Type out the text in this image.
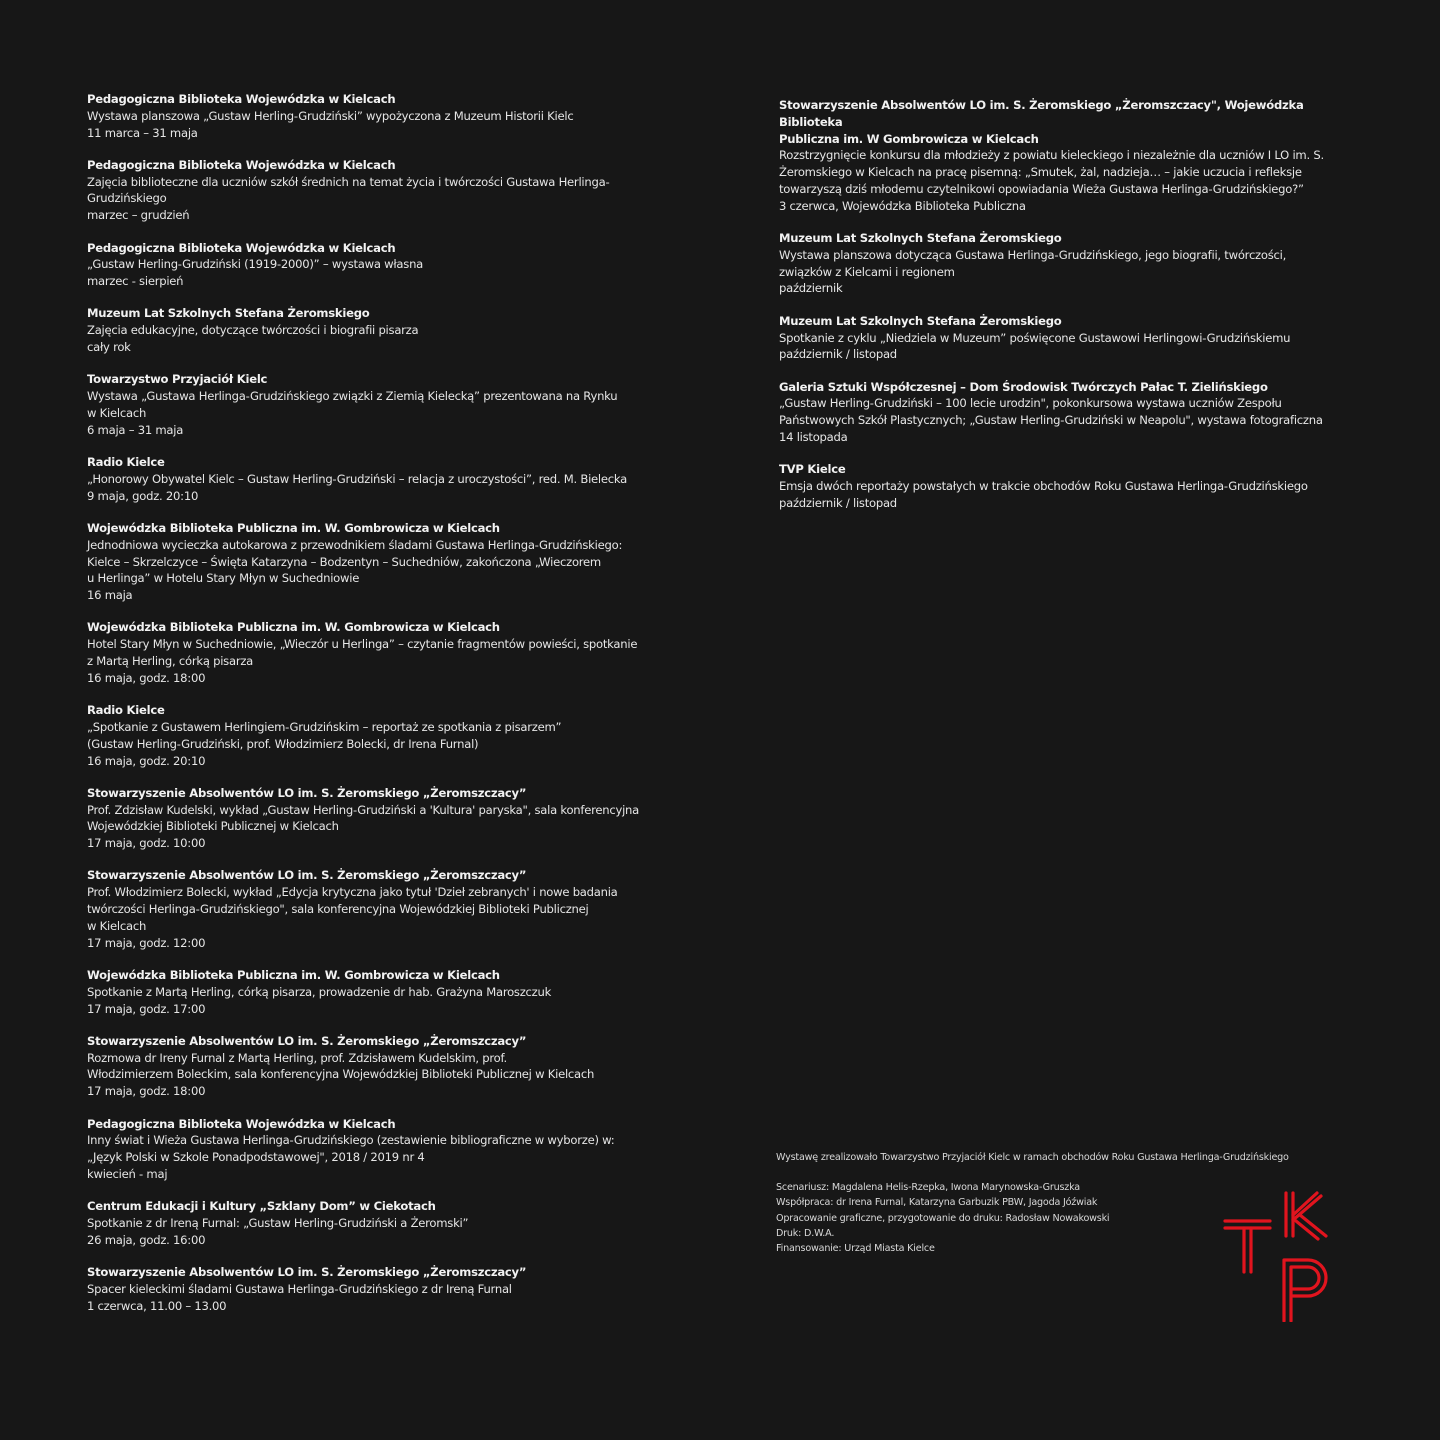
Pedagogiczna Biblioteka Wojewódzka w Kielcach

Wystawa planszowa „Gustaw Herling-Grudziński” wypożyczona z Muzeum Historii Kielc

11 marca – 31 maja

Pedagogiczna Biblioteka Wojewódzka w Kielcach

Zajęcia biblioteczne dla uczniów szkół średnich na temat życia i twórczości Gustawa Herlinga-

Grudzińskiego

marzec – grudzień

Pedagogiczna Biblioteka Wojewódzka w Kielcach

„Gustaw Herling-Grudziński (1919-2000)” – wystawa własna

marzec - sierpień

Muzeum Lat Szkolnych Stefana Żeromskiego

Zajęcia edukacyjne, dotyczące twórczości i biografii pisarza

cały rok

Towarzystwo Przyjaciół Kielc

Wystawa „Gustawa Herlinga-Grudzińskiego związki z Ziemią Kielecką” prezentowana na Rynku

w Kielcach

6 maja – 31 maja

Radio Kielce

„Honorowy Obywatel Kielc – Gustaw Herling-Grudziński – relacja z uroczystości”, red. M. Bielecka

9 maja, godz. 20:10

Wojewódzka Biblioteka Publiczna im. W. Gombrowicza w Kielcach

Jednodniowa wycieczka autokarowa z przewodnikiem śladami Gustawa Herlinga-Grudzińskiego:

Kielce – Skrzelczyce – Święta Katarzyna – Bodzentyn – Suchedniów, zakończona „Wieczorem

u Herlinga” w Hotelu Stary Młyn w Suchedniowie

16 maja

Wojewódzka Biblioteka Publiczna im. W. Gombrowicza w Kielcach

Hotel Stary Młyn w Suchedniowie, „Wieczór u Herlinga” – czytanie fragmentów powieści, spotkanie

z Martą Herling, córką pisarza

16 maja, godz. 18:00

Radio Kielce

„Spotkanie z Gustawem Herlingiem-Grudzińskim – reportaż ze spotkania z pisarzem”

(Gustaw Herling-Grudziński, prof. Włodzimierz Bolecki, dr Irena Furnal)

16 maja, godz. 20:10

Stowarzyszenie Absolwentów LO im. S. Żeromskiego „Żeromszczacy”

Prof. Zdzisław Kudelski, wykład „Gustaw Herling-Grudziński a 'Kultura' paryska", sala konferencyjna

Wojewódzkiej Biblioteki Publicznej w Kielcach

17 maja, godz. 10:00

Stowarzyszenie Absolwentów LO im. S. Żeromskiego „Żeromszczacy”

Prof. Włodzimierz Bolecki, wykład „Edycja krytyczna jako tytuł 'Dzieł zebranych' i nowe badania

twórczości Herlinga-Grudzińskiego", sala konferencyjna Wojewódzkiej Biblioteki Publicznej

w Kielcach

17 maja, godz. 12:00

Wojewódzka Biblioteka Publiczna im. W. Gombrowicza w Kielcach

Spotkanie z Martą Herling, córką pisarza, prowadzenie dr hab. Grażyna Maroszczuk

17 maja, godz. 17:00

Stowarzyszenie Absolwentów LO im. S. Żeromskiego „Żeromszczacy”

Rozmowa dr Ireny Furnal z Martą Herling, prof. Zdzisławem Kudelskim, prof.

Włodzimierzem Boleckim, sala konferencyjna Wojewódzkiej Biblioteki Publicznej w Kielcach

17 maja, godz. 18:00

Pedagogiczna Biblioteka Wojewódzka w Kielcach

Inny świat i Wieża Gustawa Herlinga-Grudzińskiego (zestawienie bibliograficzne w wyborze) w:

„Język Polski w Szkole Ponadpodstawowej", 2018 / 2019 nr 4

kwiecień - maj

Centrum Edukacji i Kultury „Szklany Dom” w Ciekotach

Spotkanie z dr Ireną Furnal: „Gustaw Herling-Grudziński a Żeromski”

26 maja, godz. 16:00

Stowarzyszenie Absolwentów LO im. S. Żeromskiego „Żeromszczacy”

Spacer kieleckimi śladami Gustawa Herlinga-Grudzińskiego z dr Ireną Furnal

1 czerwca, 11.00 – 13.00

Stowarzyszenie Absolwentów LO im. S. Żeromskiego „Żeromszczacy", Wojewódzka Biblioteka

Publiczna im. W Gombrowicza w Kielcach

Rozstrzygnięcie konkursu dla młodzieży z powiatu kieleckiego i niezależnie dla uczniów I LO im. S.

Żeromskiego w Kielcach na pracę pisemną: „Smutek, żal, nadzieja… – jakie uczucia i refleksje

towarzyszą dziś młodemu czytelnikowi opowiadania Wieża Gustawa Herlinga-Grudzińskiego?”

3 czerwca, Wojewódzka Biblioteka Publiczna

Muzeum Lat Szkolnych Stefana Żeromskiego

Wystawa planszowa dotycząca Gustawa Herlinga-Grudzińskiego, jego biografii, twórczości,

związków z Kielcami i regionem

październik

Muzeum Lat Szkolnych Stefana Żeromskiego

Spotkanie z cyklu „Niedziela w Muzeum” poświęcone Gustawowi Herlingowi-Grudzińskiemu

październik / listopad

Galeria Sztuki Współczesnej – Dom Środowisk Twórczych Pałac T. Zielińskiego

„Gustaw Herling-Grudziński – 100 lecie urodzin", pokonkursowa wystawa uczniów Zespołu

Państwowych Szkół Plastycznych; „Gustaw Herling-Grudziński w Neapolu", wystawa fotograficzna

14 listopada

TVP Kielce

Emsja dwóch reportaży powstałych w trakcie obchodów Roku Gustawa Herlinga-Grudzińskiego

październik / listopad

Wystawę zrealizowało Towarzystwo Przyjaciół Kielc w ramach obchodów Roku Gustawa Herlinga-Grudzińskiego

Scenariusz: Magdalena Helis-Rzepka, Iwona Marynowska-Gruszka

Współpraca: dr Irena Furnal, Katarzyna Garbuzik PBW, Jagoda Jóźwiak

Opracowanie graficzne, przygotowanie do druku: Radosław Nowakowski

Druk: D.W.A.

Finansowanie: Urząd Miasta Kielce
